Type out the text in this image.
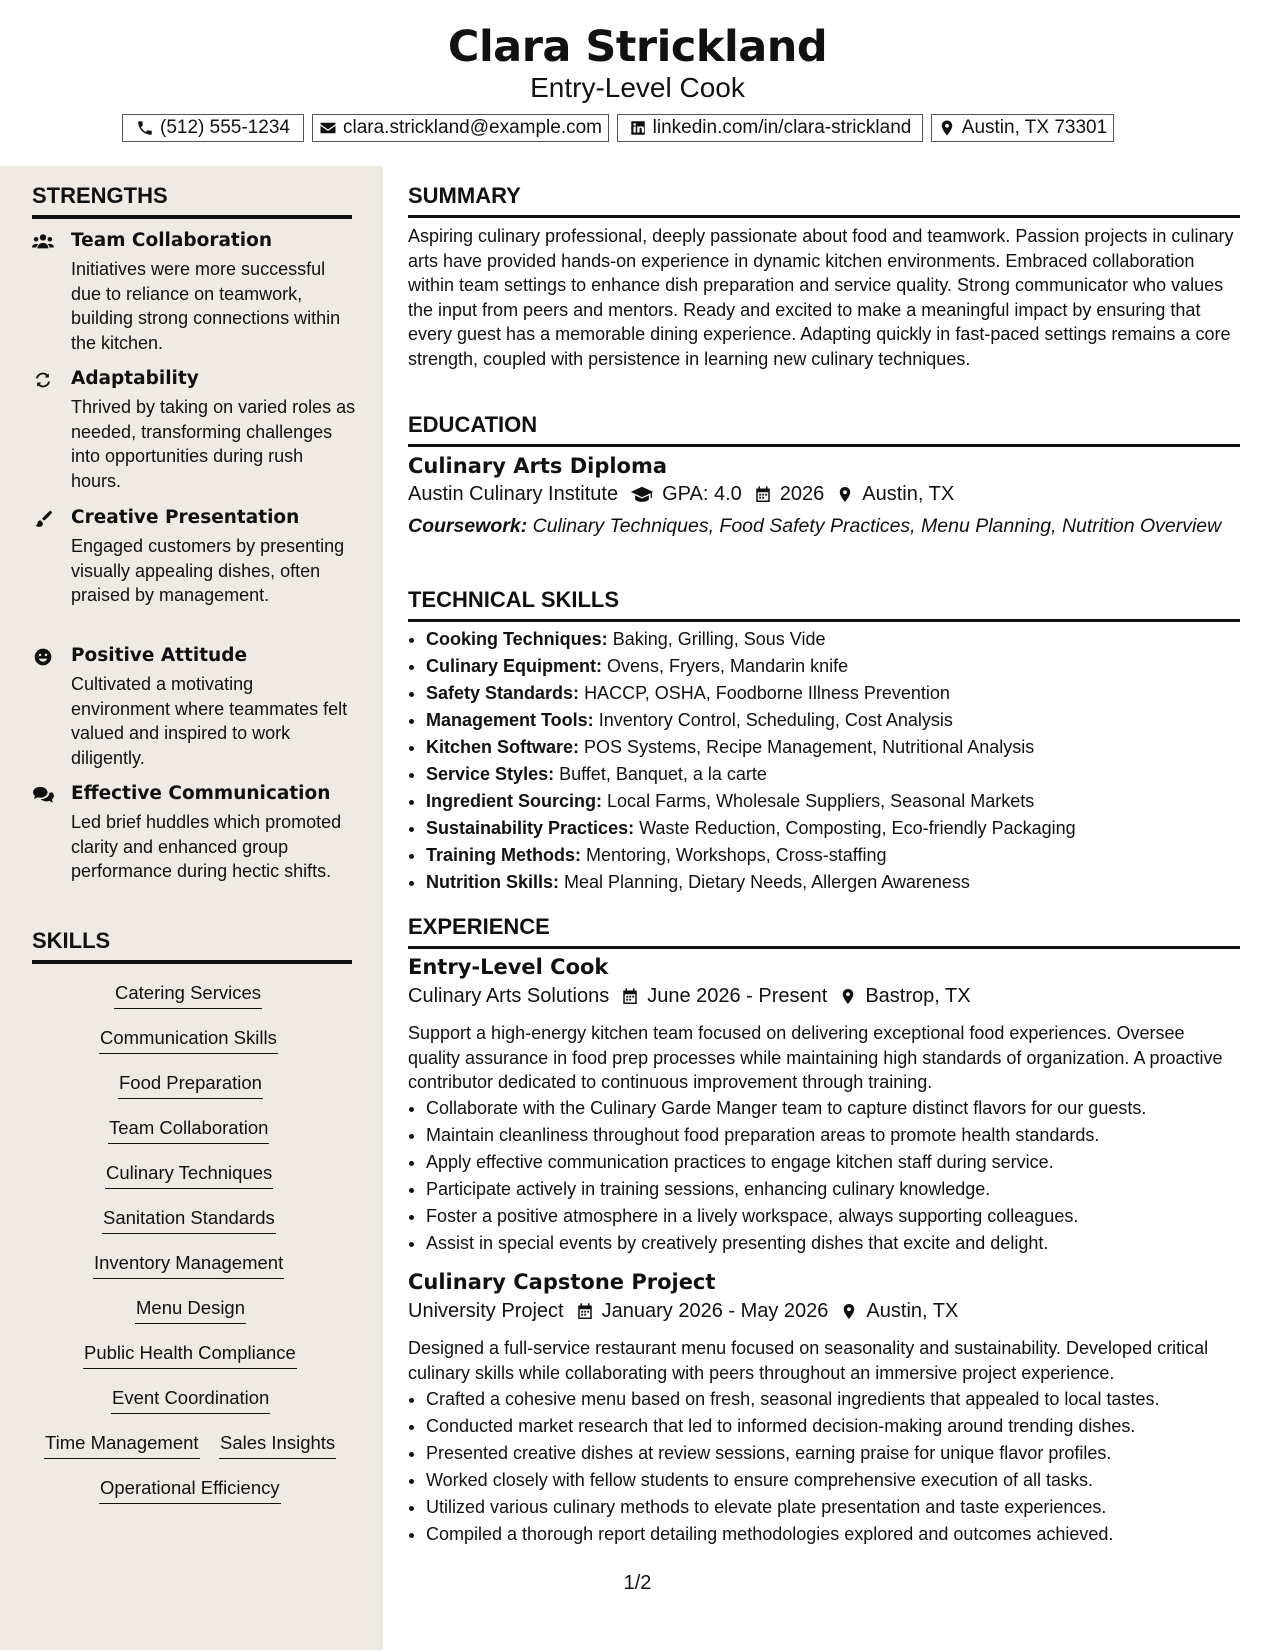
Clara Strickland
Entry-Level Cook
(512) 555-1234	clara.strickland@example.com	linkedin.com/in/clara-strickland	Austin, TX 73301
STRENGTHS
Team Collaboration
Initiatives were more successful due to reliance on teamwork, building strong connections within the kitchen.
Adaptability
Thrived by taking on varied roles as needed, transforming challenges into opportunities during rush hours.
Creative Presentation
Engaged customers by presenting visually appealing dishes, often praised by management.
Positive Attitude
Cultivated a motivating environment where teammates felt valued and inspired to work diligently.
Effective Communication
Led brief huddles which promoted clarity and enhanced group performance during hectic shifts.
SKILLS
Catering Services
Communication Skills
Food Preparation
Team Collaboration
Culinary Techniques
Sanitation Standards
Inventory Management
Menu Design
Public Health Compliance
Event Coordination
Time Management Sales Insights
Operational Efficiency
SUMMARY
Aspiring culinary professional, deeply passionate about food and teamwork. Passion projects in culinary arts have provided hands-on experience in dynamic kitchen environments. Embraced collaboration within team settings to enhance dish preparation and service quality. Strong communicator who values the input from peers and mentors. Ready and excited to make a meaningful impact by ensuring that every guest has a memorable dining experience. Adapting quickly in fast-paced settings remains a core strength, coupled with persistence in learning new culinary techniques.
EDUCATION
Culinary Arts Diploma
Austin Culinary Institute GPA: 4.0 2026 Austin, TX
Coursework: Culinary Techniques, Food Safety Practices, Menu Planning, Nutrition Overview
TECHNICAL SKILLS
• Cooking Techniques: Baking, Grilling, Sous Vide
• Culinary Equipment: Ovens, Fryers, Mandarin knife
• Safety Standards: HACCP, OSHA, Foodborne Illness Prevention
• Management Tools: Inventory Control, Scheduling, Cost Analysis
• Kitchen Software: POS Systems, Recipe Management, Nutritional Analysis
• Service Styles: Buffet, Banquet, a la carte
• Ingredient Sourcing: Local Farms, Wholesale Suppliers, Seasonal Markets
• Sustainability Practices: Waste Reduction, Composting, Eco-friendly Packaging
• Training Methods: Mentoring, Workshops, Cross-staffing
• Nutrition Skills: Meal Planning, Dietary Needs, Allergen Awareness
EXPERIENCE
Entry-Level Cook
Culinary Arts Solutions June 2026 - Present Bastrop, TX
Support a high-energy kitchen team focused on delivering exceptional food experiences. Oversee quality assurance in food prep processes while maintaining high standards of organization. A proactive contributor dedicated to continuous improvement through training.
• Collaborate with the Culinary Garde Manger team to capture distinct flavors for our guests.
• Maintain cleanliness throughout food preparation areas to promote health standards.
• Apply effective communication practices to engage kitchen staff during service.
• Participate actively in training sessions, enhancing culinary knowledge.
• Foster a positive atmosphere in a lively workspace, always supporting colleagues.
• Assist in special events by creatively presenting dishes that excite and delight.
Culinary Capstone Project
University Project January 2026 - May 2026 Austin, TX
Designed a full-service restaurant menu focused on seasonality and sustainability. Developed critical culinary skills while collaborating with peers throughout an immersive project experience.
• Crafted a cohesive menu based on fresh, seasonal ingredients that appealed to local tastes.
• Conducted market research that led to informed decision-making around trending dishes.
• Presented creative dishes at review sessions, earning praise for unique flavor profiles.
• Worked closely with fellow students to ensure comprehensive execution of all tasks.
• Utilized various culinary methods to elevate plate presentation and taste experiences.
• Compiled a thorough report detailing methodologies explored and outcomes achieved.
1/2
